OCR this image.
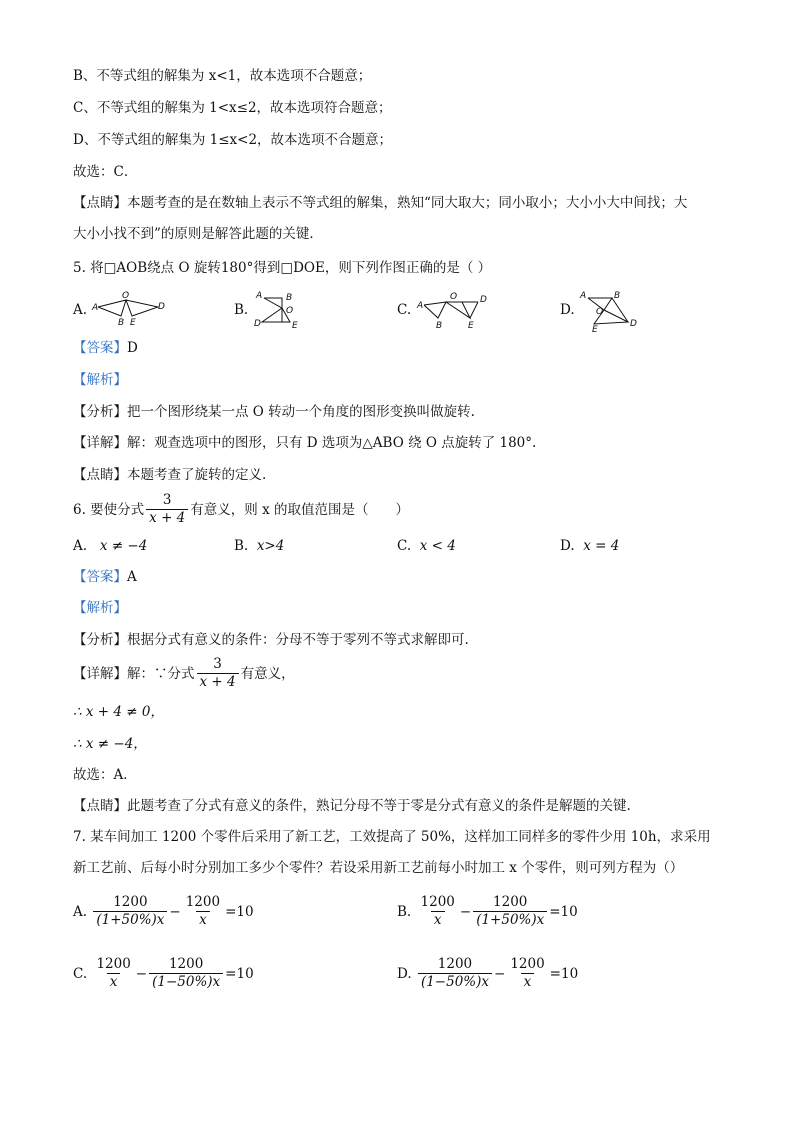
B、不等式组的解集为 x<1，故本选项不合题意；
C、不等式组的解集为 1<x≤2，故本选项符合题意；
D、不等式组的解集为 1≤x<2，故本选项不合题意；
故选：C．
【点睛】本题考查的是在数轴上表示不等式组的解集，熟知“同大取大；同小取小；大小小大中间找；大
大小小找不到”的原则是解答此题的关键．
5. 将□AOB绕点 O 旋转180°得到□DOE，则下列作图正确的是（ ）
A. A
O
D
B E
B.
A	B
O
D	E
C. A
O	D
B	E
D.
A	B
O
D
E
【答案】D
【解析】
【分析】把一个图形绕某一点 O 转动一个角度的图形变换叫做旋转.
【详解】解：观查选项中的图形，只有 D 选项为△ABO 绕 O 点旋转了 180°.
【点睛】本题考查了旋转的定义.
6. 要使分式 $\frac{3}{x + 4}$ 有意义，则 x 的取值范围是（　　）
A. x ≠ −4	B. x>4	C. x < 4	D. x = 4
【答案】A
【解析】
【分析】根据分式有意义的条件：分母不等于零列不等式求解即可.
【详解】解：∵分式 $\frac{3}{x + 4}$ 有意义，
∴ x + 4 ≠ 0，
∴ x ≠ −4，
故选：A．
【点睛】此题考查了分式有意义的条件，熟记分母不等于零是分式有意义的条件是解题的关键.
7. 某车间加工 1200 个零件后采用了新工艺，工效提高了 50%，这样加工同样多的零件少用 10h，求采用
新工艺前、后每小时分别加工多少个零件？若设采用新工艺前每小时加工 x 个零件，则可列方程为（）
A.
$\frac{1200}{(1+50\%)x} - \frac{1200}{x} =10$	B.
$\frac{1200}{x} - \frac{1200}{(1+50\%)x} =10$
C.
$\frac{1200}{x} - \frac{1200}{(1-50\%)x} =10$	D.
$\frac{1200}{(1-50\%)x} - \frac{1200}{x} =10$
